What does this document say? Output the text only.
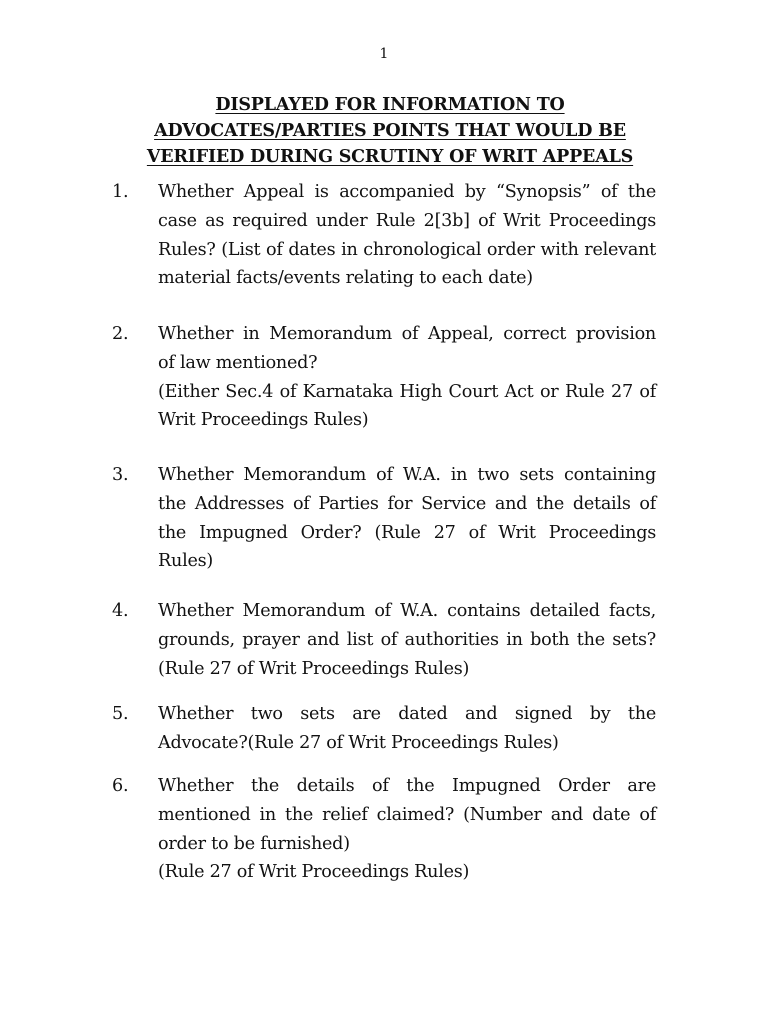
1
DISPLAYED FOR INFORMATION TO
ADVOCATES/PARTIES POINTS THAT WOULD BE
VERIFIED DURING SCRUTINY OF WRIT APPEALS
1. Whether Appeal is accompanied by “Synopsis” of the
case as required under Rule 2[3b] of Writ Proceedings
Rules? (List of dates in chronological order with relevant
material facts/events relating to each date)
2. Whether in Memorandum of Appeal, correct provision
of law mentioned?
(Either Sec.4 of Karnataka High Court Act or Rule 27 of
Writ Proceedings Rules)
3. Whether Memorandum of W.A. in two sets containing
the Addresses of Parties for Service and the details of
the Impugned Order? (Rule 27 of Writ Proceedings
Rules)
4. Whether Memorandum of W.A. contains detailed facts,
grounds, prayer and list of authorities in both the sets?
(Rule 27 of Writ Proceedings Rules)
5. Whether two sets are dated and signed by the
Advocate?(Rule 27 of Writ Proceedings Rules)
6. Whether the details of the Impugned Order are
mentioned in the relief claimed? (Number and date of
order to be furnished)
(Rule 27 of Writ Proceedings Rules)
